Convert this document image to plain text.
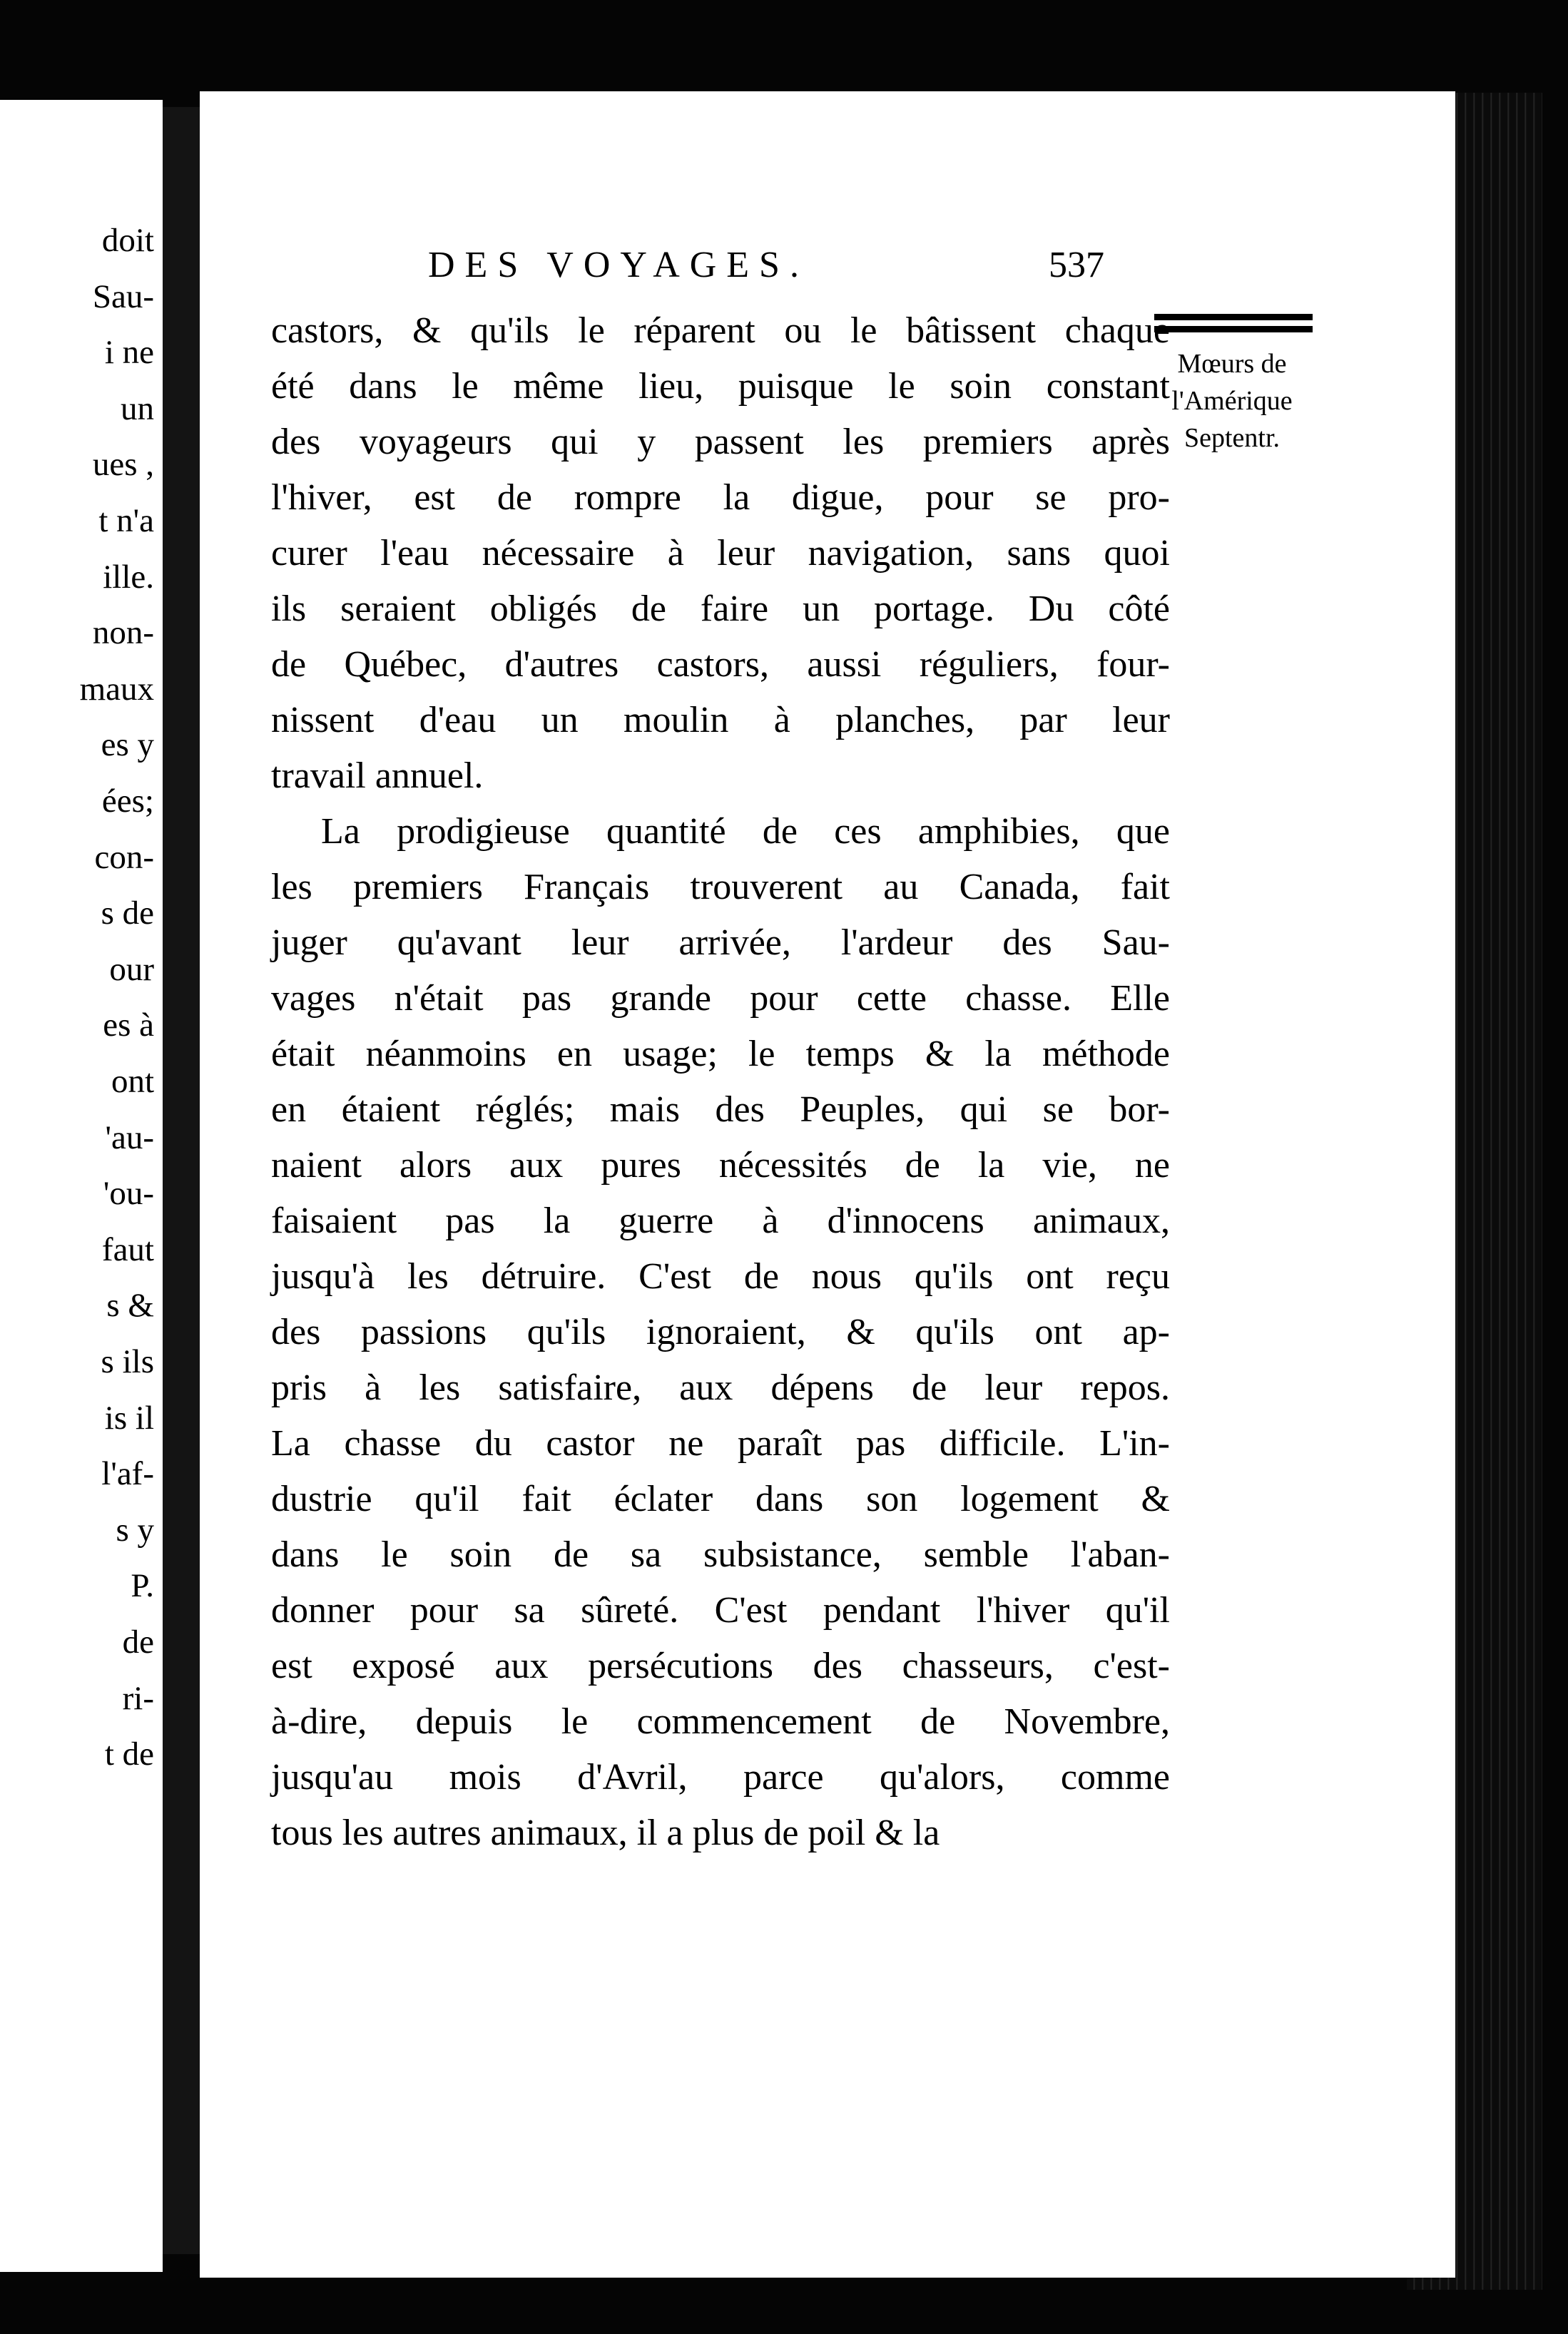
doit
Sau-
i ne
un
ues ,
t n'a
ille.
non-
maux
es y
ées;
con-
s de
our
es à
ont
'au-
'ou-
faut
s &
s ils
is il
l'af-
s y
P.
de
ri-
t de
DES VOYAGES.	537
Mœurs de
l'Amérique
Septentr.
castors, & qu'ils le réparent ou le bâtissent chaque
été dans le même lieu, puisque le soin constant
des voyageurs qui y passent les premiers après
l'hiver, est de rompre la digue, pour se pro-
curer l'eau nécessaire à leur navigation, sans quoi
ils seraient obligés de faire un portage. Du côté
de Québec, d'autres castors, aussi réguliers, four-
nissent d'eau un moulin à planches, par leur
travail annuel.
La prodigieuse quantité de ces amphibies, que
les premiers Français trouverent au Canada, fait
juger qu'avant leur arrivée, l'ardeur des Sau-
vages n'était pas grande pour cette chasse. Elle
était néanmoins en usage; le temps & la méthode
en étaient réglés; mais des Peuples, qui se bor-
naient alors aux pures nécessités de la vie, ne
faisaient pas la guerre à d'innocens animaux,
jusqu'à les détruire. C'est de nous qu'ils ont reçu
des passions qu'ils ignoraient, & qu'ils ont ap-
pris à les satisfaire, aux dépens de leur repos.
La chasse du castor ne paraît pas difficile. L'in-
dustrie qu'il fait éclater dans son logement &
dans le soin de sa subsistance, semble l'aban-
donner pour sa sûreté. C'est pendant l'hiver qu'il
est exposé aux persécutions des chasseurs, c'est-
à-dire, depuis le commencement de Novembre,
jusqu'au mois d'Avril, parce qu'alors, comme
tous les autres animaux, il a plus de poil & la
